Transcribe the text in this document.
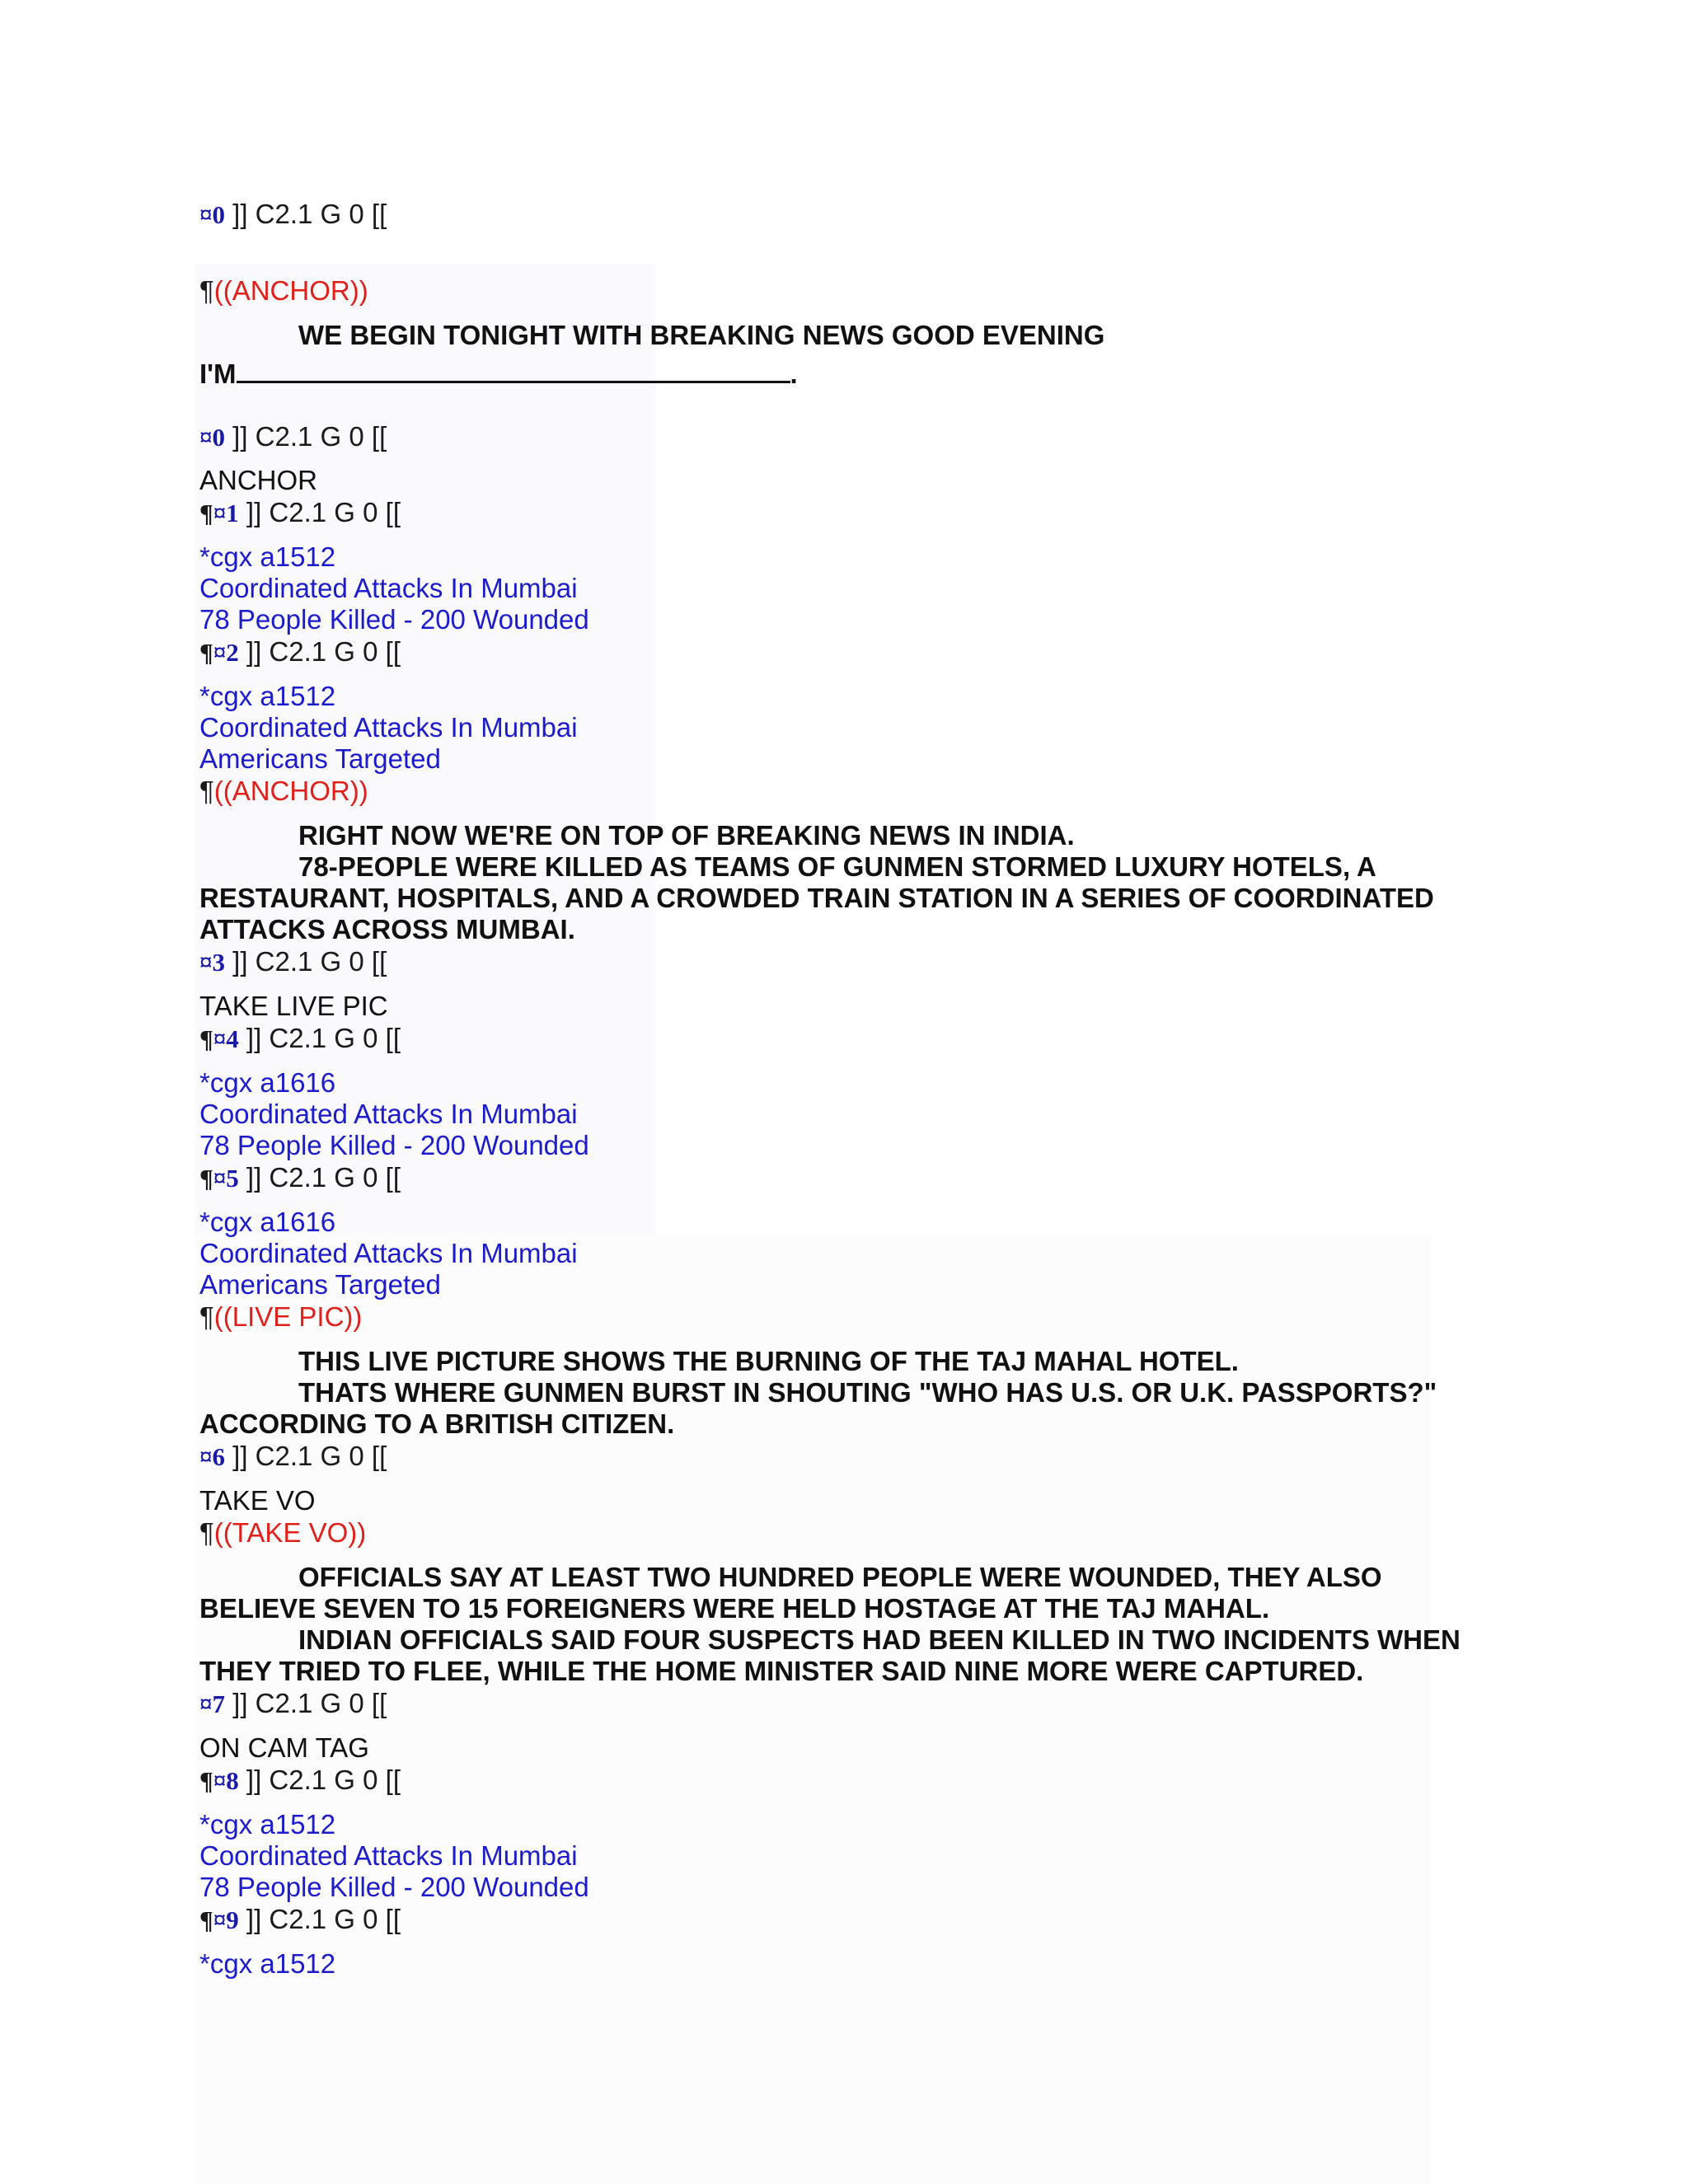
¤0 ]] C2.1 G 0 [[
¶((ANCHOR))
WE BEGIN TONIGHT WITH BREAKING NEWS GOOD EVENING
I'M	.
¤0 ]] C2.1 G 0 [[
ANCHOR
¶¤1 ]] C2.1 G 0 [[
*cgx a1512
Coordinated Attacks In Mumbai
78 People Killed - 200 Wounded
¶¤2 ]] C2.1 G 0 [[
*cgx a1512
Coordinated Attacks In Mumbai
Americans Targeted
¶((ANCHOR))
RIGHT NOW WE'RE ON TOP OF BREAKING NEWS IN INDIA.
78-PEOPLE WERE KILLED AS TEAMS OF GUNMEN STORMED LUXURY HOTELS, A
RESTAURANT, HOSPITALS, AND A CROWDED TRAIN STATION IN A SERIES OF COORDINATED
ATTACKS ACROSS MUMBAI.
¤3 ]] C2.1 G 0 [[
TAKE LIVE PIC
¶¤4 ]] C2.1 G 0 [[
*cgx a1616
Coordinated Attacks In Mumbai
78 People Killed - 200 Wounded
¶¤5 ]] C2.1 G 0 [[
*cgx a1616
Coordinated Attacks In Mumbai
Americans Targeted
¶((LIVE PIC))
THIS LIVE PICTURE SHOWS THE BURNING OF THE TAJ MAHAL HOTEL.
THATS WHERE GUNMEN BURST IN SHOUTING "WHO HAS U.S. OR U.K. PASSPORTS?"
ACCORDING TO A BRITISH CITIZEN.
¤6 ]] C2.1 G 0 [[
TAKE VO
¶((TAKE VO))
OFFICIALS SAY AT LEAST TWO HUNDRED PEOPLE WERE WOUNDED, THEY ALSO
BELIEVE SEVEN TO 15 FOREIGNERS WERE HELD HOSTAGE AT THE TAJ MAHAL.
INDIAN OFFICIALS SAID FOUR SUSPECTS HAD BEEN KILLED IN TWO INCIDENTS WHEN
THEY TRIED TO FLEE, WHILE THE HOME MINISTER SAID NINE MORE WERE CAPTURED.
¤7 ]] C2.1 G 0 [[
ON CAM TAG
¶¤8 ]] C2.1 G 0 [[
*cgx a1512
Coordinated Attacks In Mumbai
78 People Killed - 200 Wounded
¶¤9 ]] C2.1 G 0 [[
*cgx a1512
